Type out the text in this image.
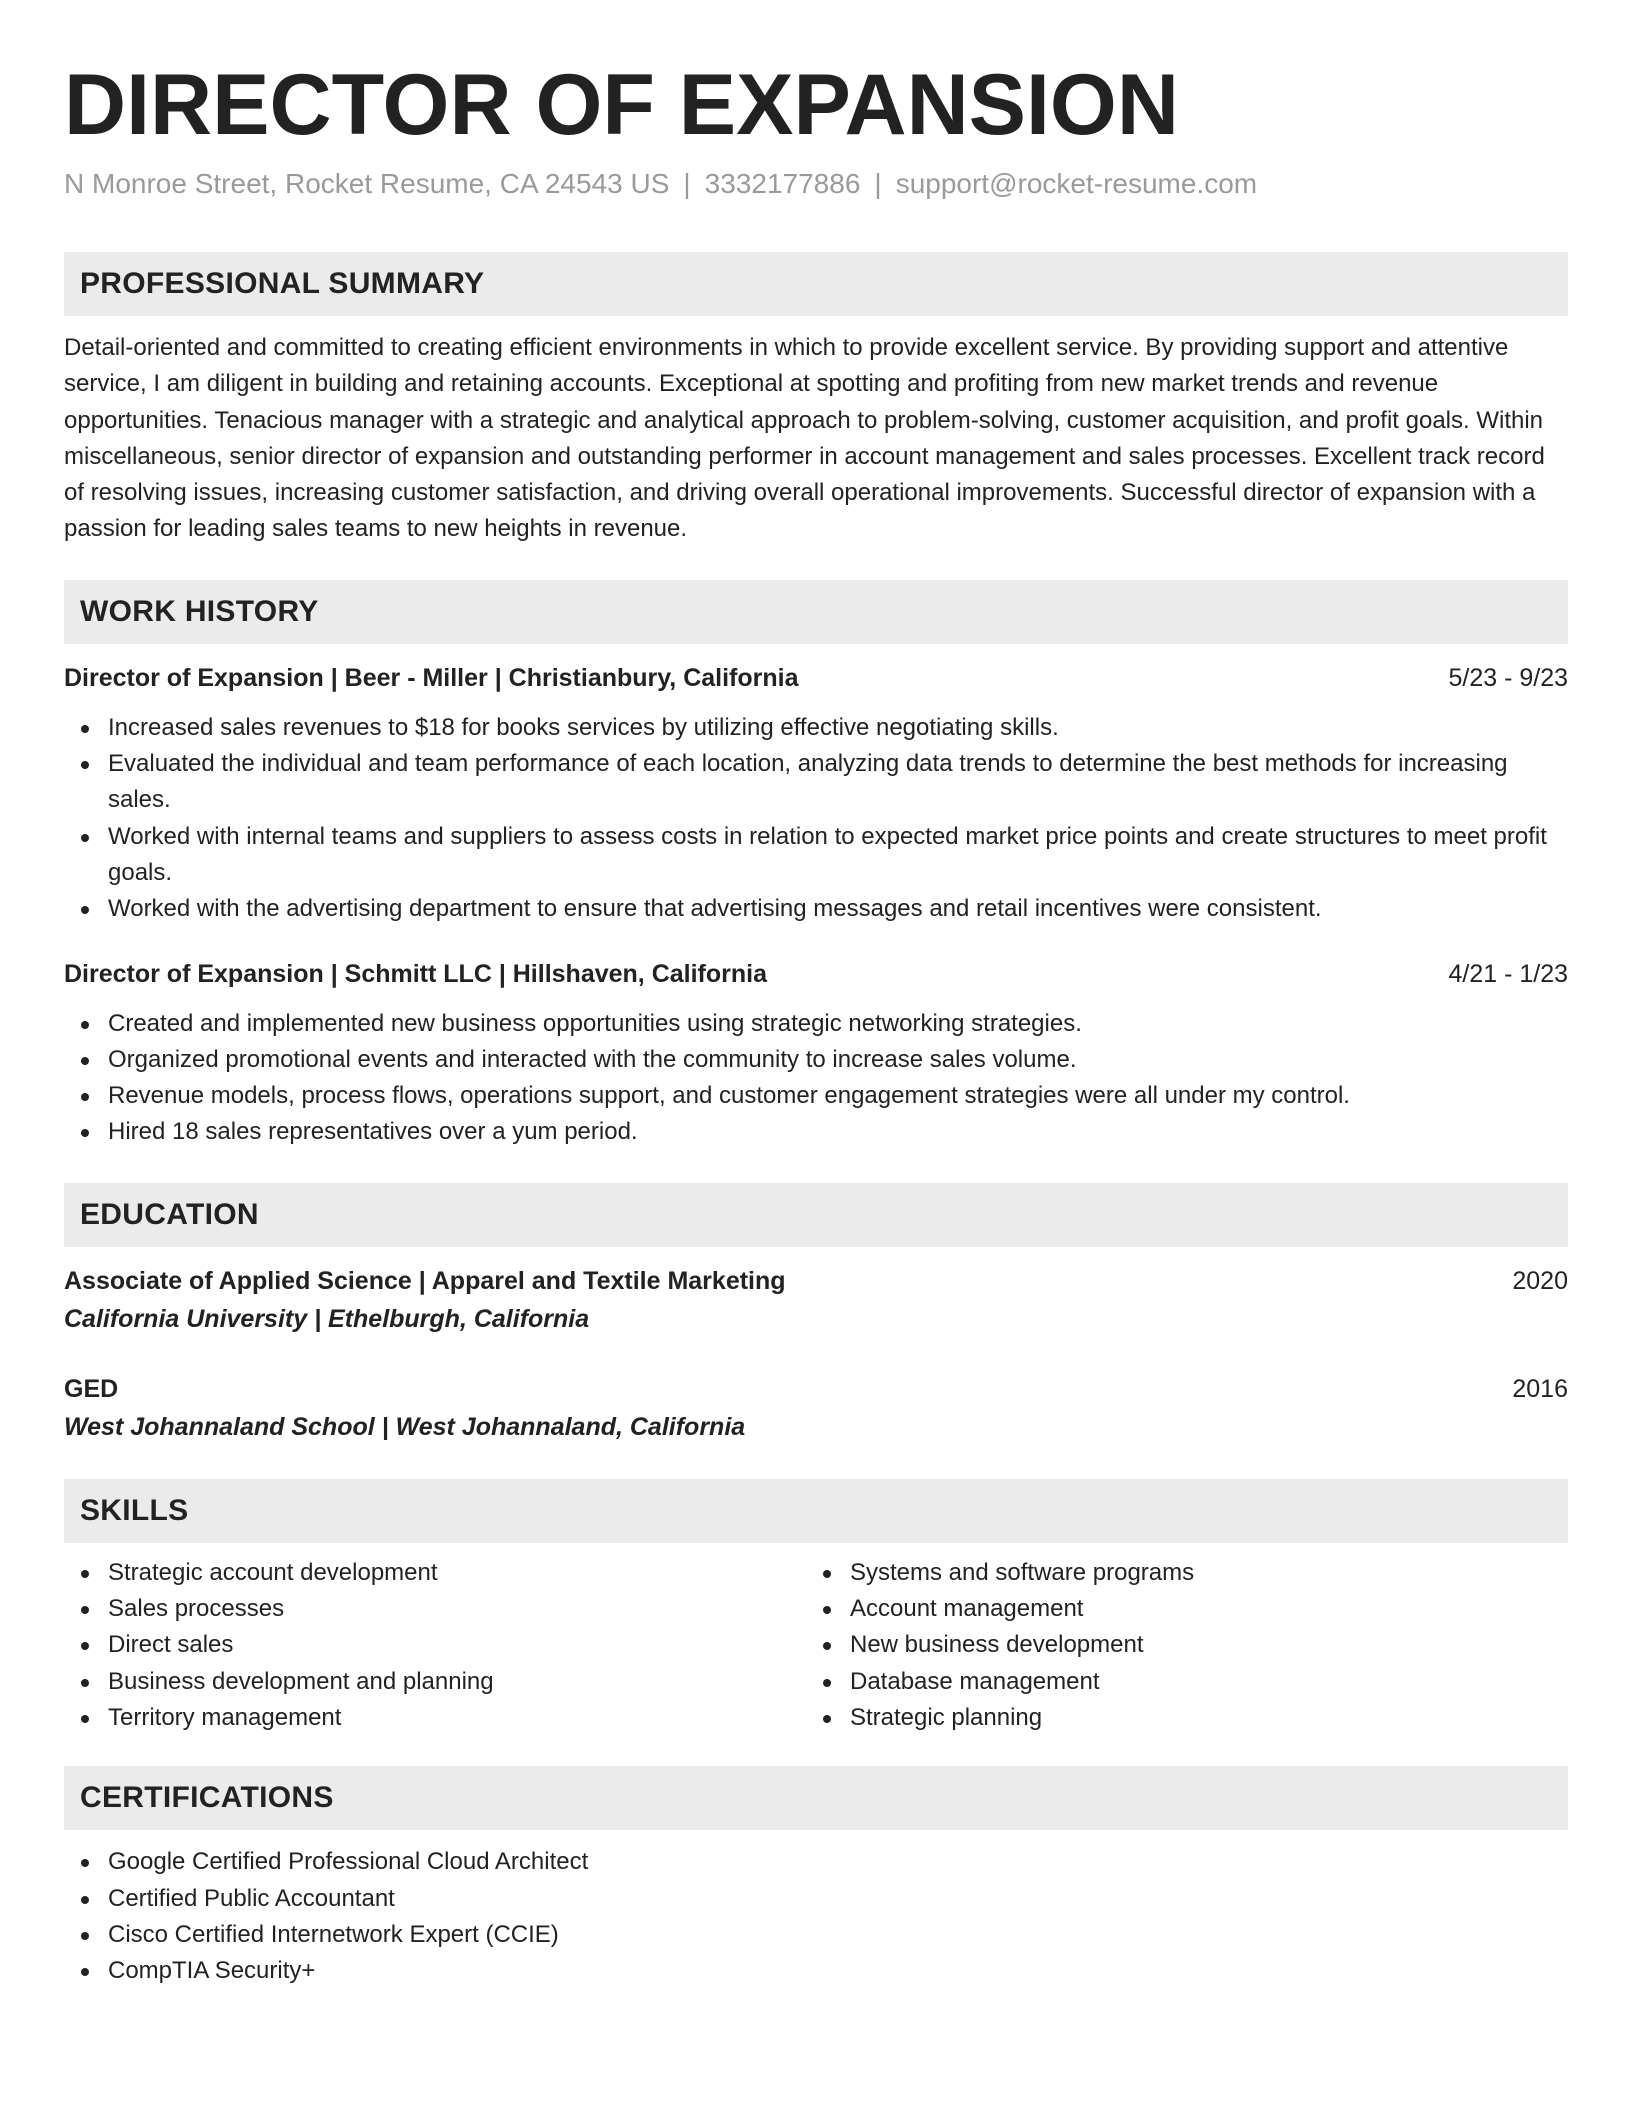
DIRECTOR OF EXPANSION
N Monroe Street, Rocket Resume, CA 24543 US | 3332177886 | support@rocket-resume.com
PROFESSIONAL SUMMARY
Detail-oriented and committed to creating efficient environments in which to provide excellent service. By providing support and attentive service, I am diligent in building and retaining accounts. Exceptional at spotting and profiting from new market trends and revenue opportunities. Tenacious manager with a strategic and analytical approach to problem-solving, customer acquisition, and profit goals. Within miscellaneous, senior director of expansion and outstanding performer in account management and sales processes. Excellent track record of resolving issues, increasing customer satisfaction, and driving overall operational improvements. Successful director of expansion with a passion for leading sales teams to new heights in revenue.
WORK HISTORY
Director of Expansion | Beer - Miller | Christianbury, California	5/23 - 9/23
Increased sales revenues to $18 for books services by utilizing effective negotiating skills.
Evaluated the individual and team performance of each location, analyzing data trends to determine the best methods for increasing sales.
Worked with internal teams and suppliers to assess costs in relation to expected market price points and create structures to meet profit goals.
Worked with the advertising department to ensure that advertising messages and retail incentives were consistent.
Director of Expansion | Schmitt LLC | Hillshaven, California	4/21 - 1/23
Created and implemented new business opportunities using strategic networking strategies.
Organized promotional events and interacted with the community to increase sales volume.
Revenue models, process flows, operations support, and customer engagement strategies were all under my control.
Hired 18 sales representatives over a yum period.
EDUCATION
Associate of Applied Science | Apparel and Textile Marketing	2020
California University | Ethelburgh, California
GED	2016
West Johannaland School | West Johannaland, California
SKILLS
Strategic account development
Sales processes
Direct sales
Business development and planning
Territory management
Systems and software programs
Account management
New business development
Database management
Strategic planning
CERTIFICATIONS
Google Certified Professional Cloud Architect
Certified Public Accountant
Cisco Certified Internetwork Expert (CCIE)
CompTIA Security+
